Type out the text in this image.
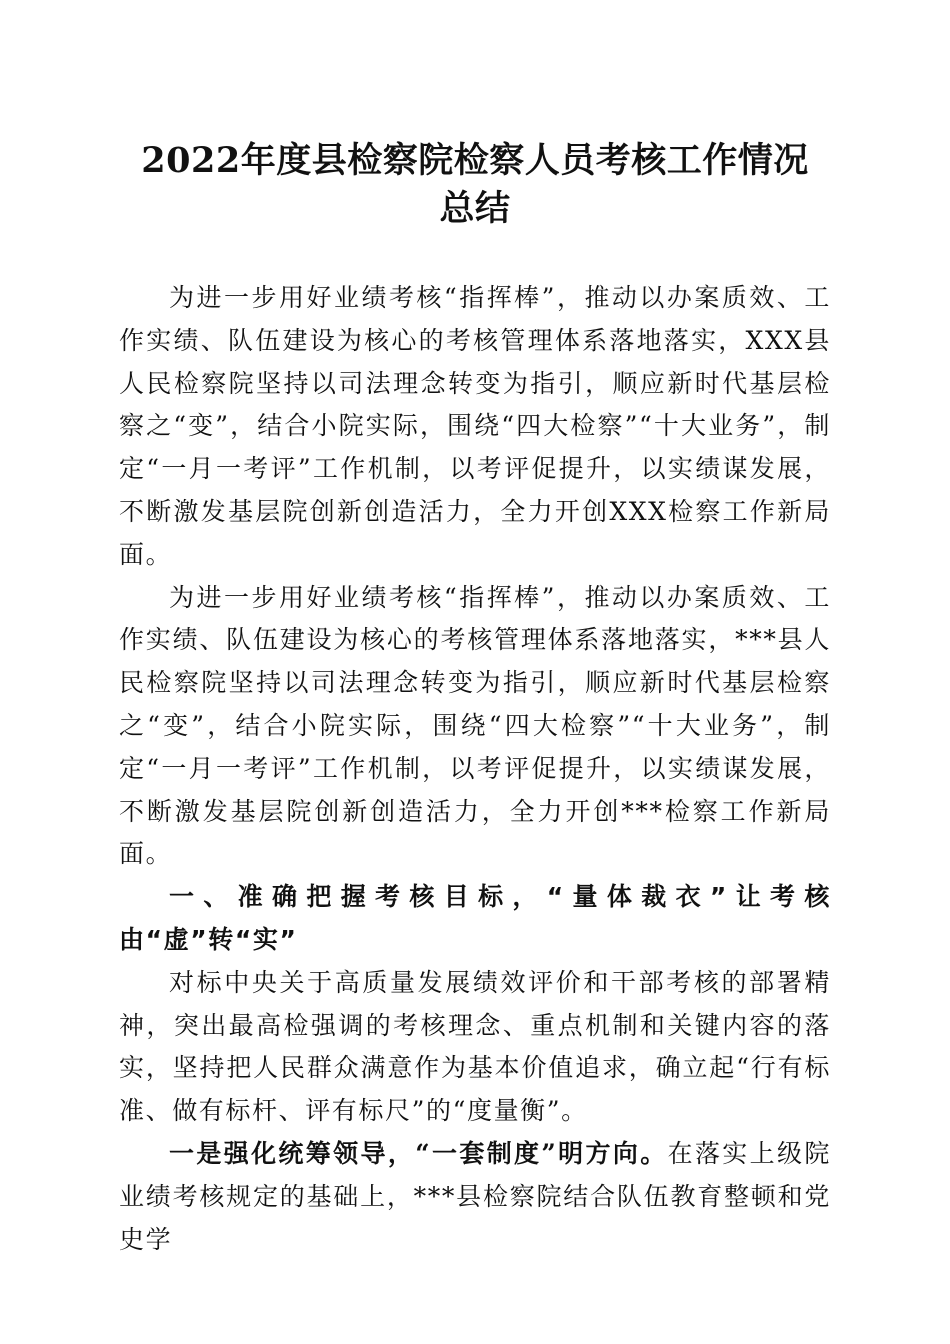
2022年度县检察院检察人员考核工作情况总结

为进一步用好业绩考核“指挥棒”，推动以办案质效、工作实绩、队伍建设为核心的考核管理体系落地落实，XXX县人民检察院坚持以司法理念转变为指引，顺应新时代基层检察之“变”，结合小院实际，围绕“四大检察”“十大业务”，制定“一月一考评”工作机制，以考评促提升，以实绩谋发展，不断激发基层院创新创造活力，全力开创XXX检察工作新局面。

为进一步用好业绩考核“指挥棒”，推动以办案质效、工作实绩、队伍建设为核心的考核管理体系落地落实，***县人民检察院坚持以司法理念转变为指引，顺应新时代基层检察之“变”，结合小院实际，围绕“四大检察”“十大业务”，制定“一月一考评”工作机制，以考评促提升，以实绩谋发展，不断激发基层院创新创造活力，全力开创***检察工作新局面。

一、准确把握考核目标，“量体裁衣”让考核由“虚”转“实”

对标中央关于高质量发展绩效评价和干部考核的部署精神，突出最高检强调的考核理念、重点机制和关键内容的落实，坚持把人民群众满意作为基本价值追求，确立起“行有标准、做有标杆、评有标尺”的“度量衡”。

一是强化统筹领导，“一套制度”明方向。在落实上级院业绩考核规定的基础上，***县检察院结合队伍教育整顿和党史学
